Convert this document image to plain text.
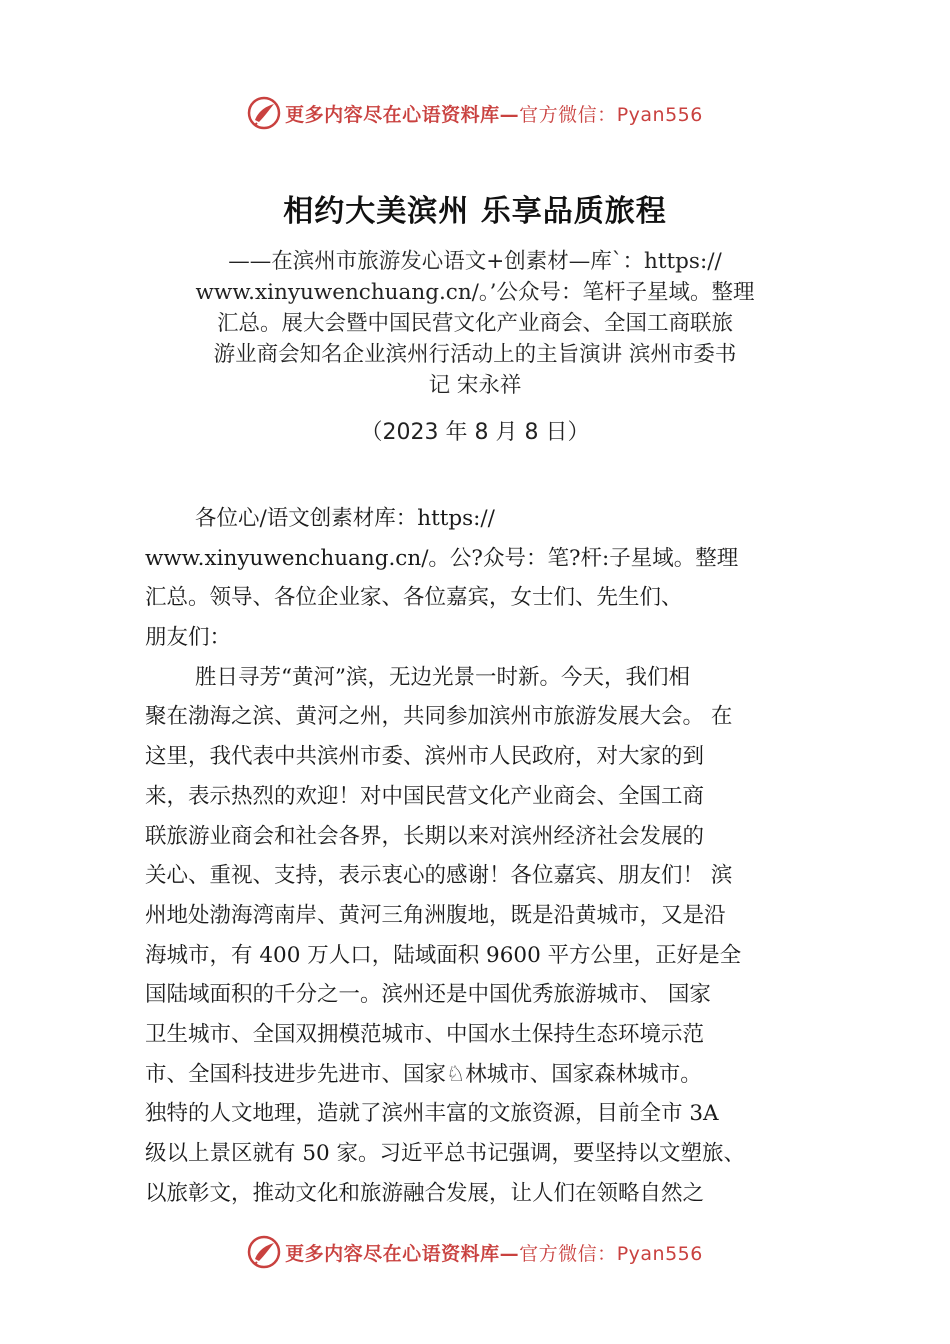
更多内容尽在心语资料库—官方微信：Pyan556
相约大美滨州 乐享品质旅程
——在滨州市旅游发心语文+创素材—库`：https://
www.xinyuwenchuang.cn/。’公众号：笔杆子星域。整理
汇总。展大会暨中国民营文化产业商会、全国工商联旅
游业商会知名企业滨州行活动上的主旨演讲 滨州市委书
记 宋永祥
（2023 年 8 月 8 日）
各位心/语文创素材库：https://
www.xinyuwenchuang.cn/。公?众号：笔?杆:子星域。整理
汇总。领导、各位企业家、各位嘉宾，女士们、先生们、
朋友们：
胜日寻芳“黄河”滨，无边光景一时新。今天，我们相
聚在渤海之滨、黄河之州，共同参加滨州市旅游发展大会。 在
这里，我代表中共滨州市委、滨州市人民政府，对大家的到
来，表示热烈的欢迎！对中国民营文化产业商会、全国工商
联旅游业商会和社会各界，长期以来对滨州经济社会发展的
关心、重视、支持，表示衷心的感谢！各位嘉宾、朋友们！ 滨
州地处渤海湾南岸、黄河三角洲腹地，既是沿黄城市，又是沿
海城市，有 400 万人口，陆域面积 9600 平方公里，正好是全
国陆域面积的千分之一。滨州还是中国优秀旅游城市、 国家
卫生城市、全国双拥模范城市、中国水土保持生态环境示范
市、全国科技进步先进市、国家♘林城市、国家森林城市。
独特的人文地理，造就了滨州丰富的文旅资源，目前全市 3A
级以上景区就有 50 家。习近平总书记强调，要坚持以文塑旅、
以旅彰文，推动文化和旅游融合发展，让人们在领略自然之
更多内容尽在心语资料库—官方微信：Pyan556
